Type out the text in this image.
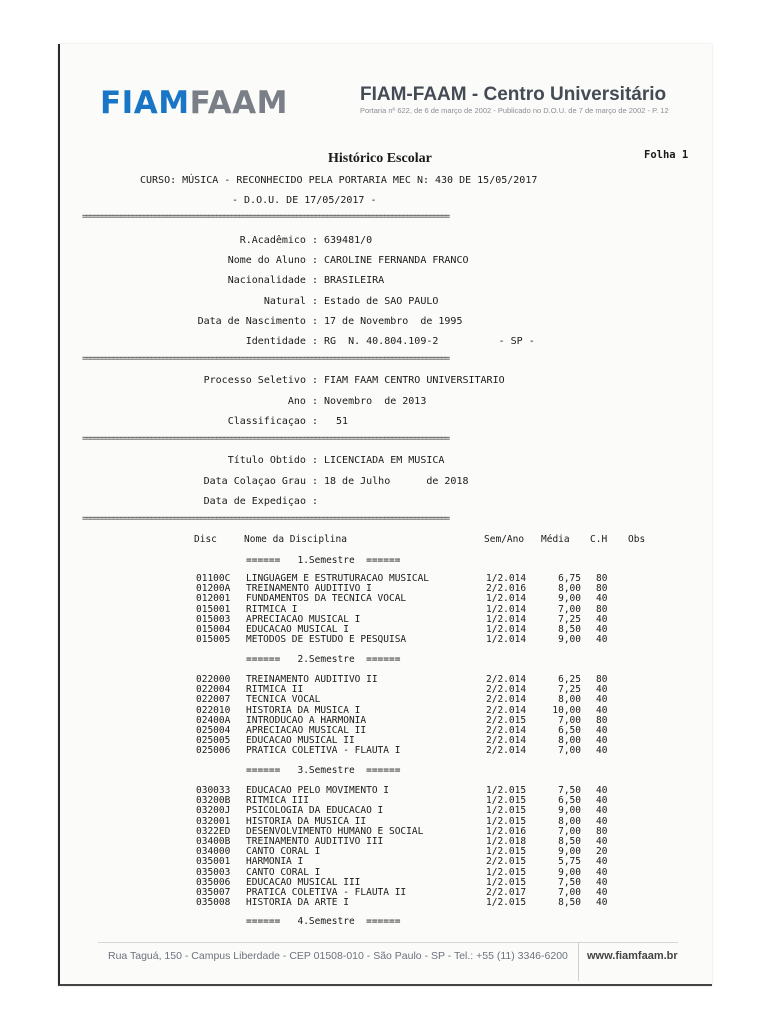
FIAMFAAM	FIAM-FAAM - Centro Universitário
Portaria nº 622, de 6 de março de 2002 - Publicado no D.O.U. de 7 de março de 2002 - P. 12
Histórico Escolar	Folha 1
CURSO: MÚSICA - RECONHECIDO PELA PORTARIA MEC N: 430 DE 15/05/2017
- D.O.U. DE 17/05/2017 -
================================================================================================
R.Acadêmico : 639481/0
Nome do Aluno : CAROLINE FERNANDA FRANCO
Nacionalidade : BRASILEIRA
Natural : Estado de SAO PAULO
Data de Nascimento : 17 de Novembro  de 1995
Identidade : RG  N. 40.804.109-2          - SP -
================================================================================================
Processo Seletivo : FIAM FAAM CENTRO UNIVERSITARIO
Ano : Novembro  de 2013
Classificaçao : 51
================================================================================================
Título Obtido : LICENCIADA EM MUSICA
Data Colaçao Grau : 18 de Julho      de 2018
Data de Expediçao :
================================================================================================
Disc	Nome da Disciplina	Sem/Ano Média C.H Obs
======   1.Semestre  ======
01100C LINGUAGEM E ESTRUTURACAO MUSICAL	1/2.014	6,75 80
01200A TREINAMENTO AUDITIVO I	2/2.016	8,00 80
012001 FUNDAMENTOS DA TECNICA VOCAL	1/2.014	9,00 40
015001 RITMICA I	1/2.014	7,00 80
015003 APRECIACAO MUSICAL I	1/2.014	7,25 40
015004 EDUCACAO MUSICAL I	1/2.014	8,50 40
015005 METODOS DE ESTUDO E PESQUISA	1/2.014	9,00 40
======   2.Semestre  ======
022000 TREINAMENTO AUDITIVO II	2/2.014	6,25 80
022004 RITMICA II	2/2.014	7,25 40
022007 TECNICA VOCAL	2/2.014	8,00 40
022010 HISTORIA DA MUSICA I	2/2.014	10,00 40
02400A INTRODUCAO A HARMONIA	2/2.015	7,00 80
025004 APRECIACAO MUSICAL II	2/2.014	6,50 40
025005 EDUCACAO MUSICAL II	2/2.014	8,00 40
025006 PRATICA COLETIVA - FLAUTA I	2/2.014	7,00 40
======   3.Semestre  ======
030033 EDUCACAO PELO MOVIMENTO I	1/2.015	7,50 40
03200B RITMICA III	1/2.015	6,50 40
03200J PSICOLOGIA DA EDUCACAO I	1/2.015	9,00 40
032001 HISTORIA DA MUSICA II	1/2.015	8,00 40
0322ED DESENVOLVIMENTO HUMANO E SOCIAL	1/2.016	7,00 80
03400B TREINAMENTO AUDITIVO III	1/2.018	8,50 40
034000 CANTO CORAL I	1/2.015	9,00 20
035001 HARMONIA I	2/2.015	5,75 40
035003 CANTO CORAL I	1/2.015	9,00 40
035006 EDUCACAO MUSICAL III	1/2.015	7,50 40
035007 PRATICA COLETIVA - FLAUTA II	2/2.017	7,00 40
035008 HISTORIA DA ARTE I	1/2.015	8,50 40
======   4.Semestre  ======
Rua Taguá, 150 - Campus Liberdade - CEP 01508-010 - São Paulo - SP - Tel.: +55 (11) 3346-6200 www.fiamfaam.br
